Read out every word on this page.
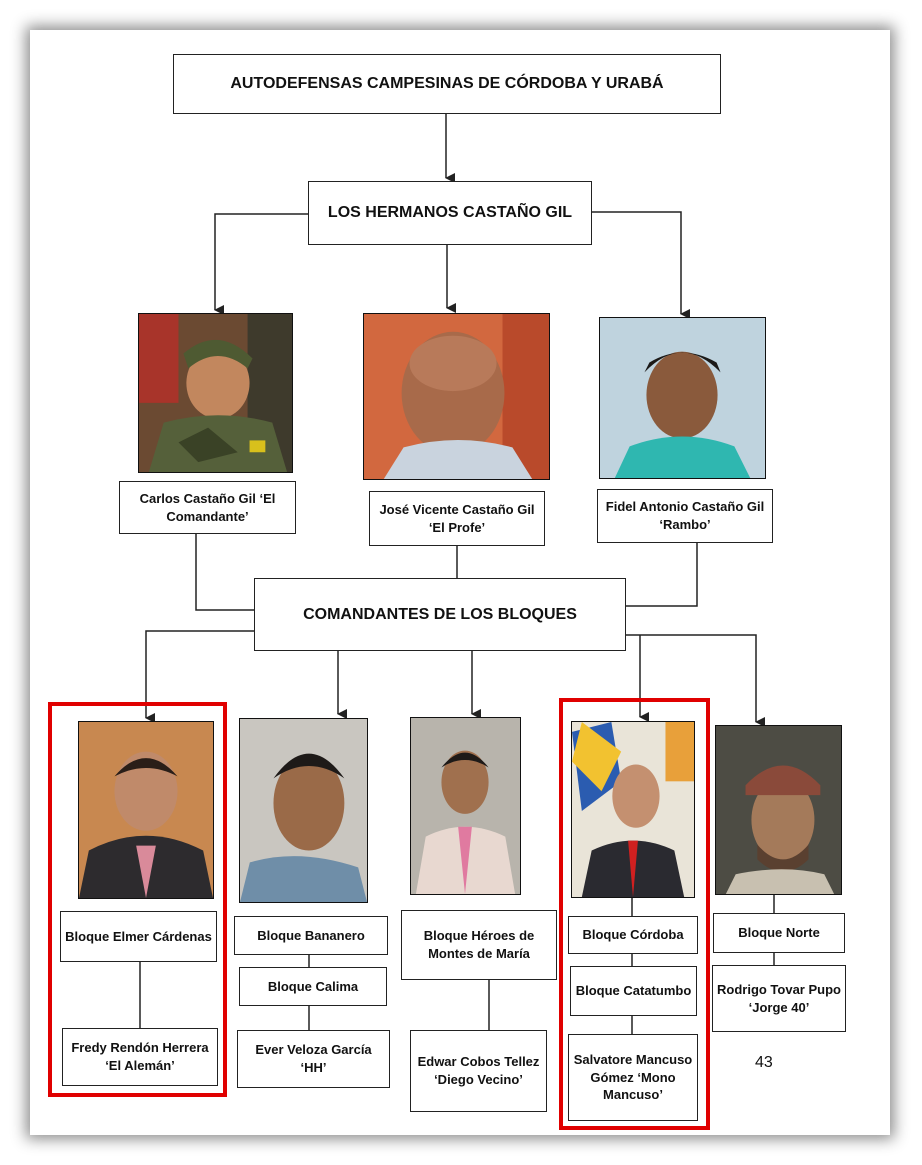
AUTODEFENSAS CAMPESINAS DE CÓRDOBA Y URABÁ
LOS HERMANOS CASTAÑO GIL
Carlos Castaño Gil ‘El Comandante’	José Vicente Castaño Gil ‘El Profe’
Fidel Antonio Castaño Gil ‘Rambo’
COMANDANTES DE LOS BLOQUES
Bloque Elmer Cárdenas
Fredy Rendón Herrera ‘El Alemán’
Bloque Bananero
Bloque Calima
Ever Veloza García ‘HH’
Bloque Héroes de Montes de María
Edwar Cobos Tellez ‘Diego Vecino’
Bloque Córdoba
Bloque Catatumbo
Salvatore Mancuso Gómez ‘Mono Mancuso’
Bloque Norte
Rodrigo Tovar Pupo ‘Jorge 40’
43
